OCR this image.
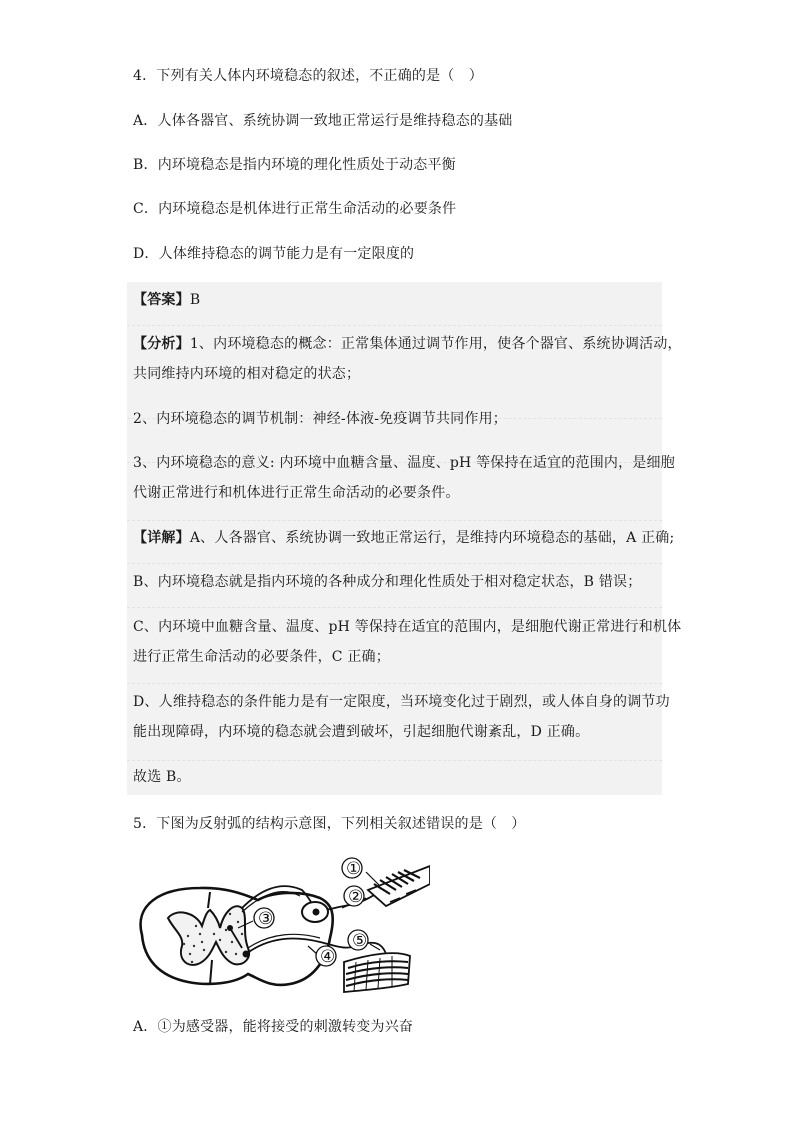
4．下列有关人体内环境稳态的叙述，不正确的是（　）
A．人体各器官、系统协调一致地正常运行是维持稳态的基础
B．内环境稳态是指内环境的理化性质处于动态平衡
C．内环境稳态是机体进行正常生命活动的必要条件
D．人体维持稳态的调节能力是有一定限度的
【答案】B
【分析】1、内环境稳态的概念：正常集体通过调节作用，使各个器官、系统协调活动，
共同维持内环境的相对稳定的状态；
2、内环境稳态的调节机制：神经-体液-免疫调节共同作用；
3、内环境稳态的意义: 内环境中血糖含量、温度、pH 等保持在适宜的范围内，是细胞
代谢正常进行和机体进行正常生命活动的必要条件。
【详解】A、人各器官、系统协调一致地正常运行，是维持内环境稳态的基础，A 正确;
B、内环境稳态就是指内环境的各种成分和理化性质处于相对稳定状态，B 错误；
C、内环境中血糖含量、温度、pH 等保持在适宜的范围内，是细胞代谢正常进行和机体
进行正常生命活动的必要条件，C 正确；
D、人维持稳态的条件能力是有一定限度，当环境变化过于剧烈，或人体自身的调节功
能出现障碍，内环境的稳态就会遭到破坏，引起细胞代谢紊乱，D 正确。
故选 B。
5．下图为反射弧的结构示意图，下列相关叙述错误的是（　）
①
②
③
④
⑤
A．①为感受器，能将接受的刺激转变为兴奋
